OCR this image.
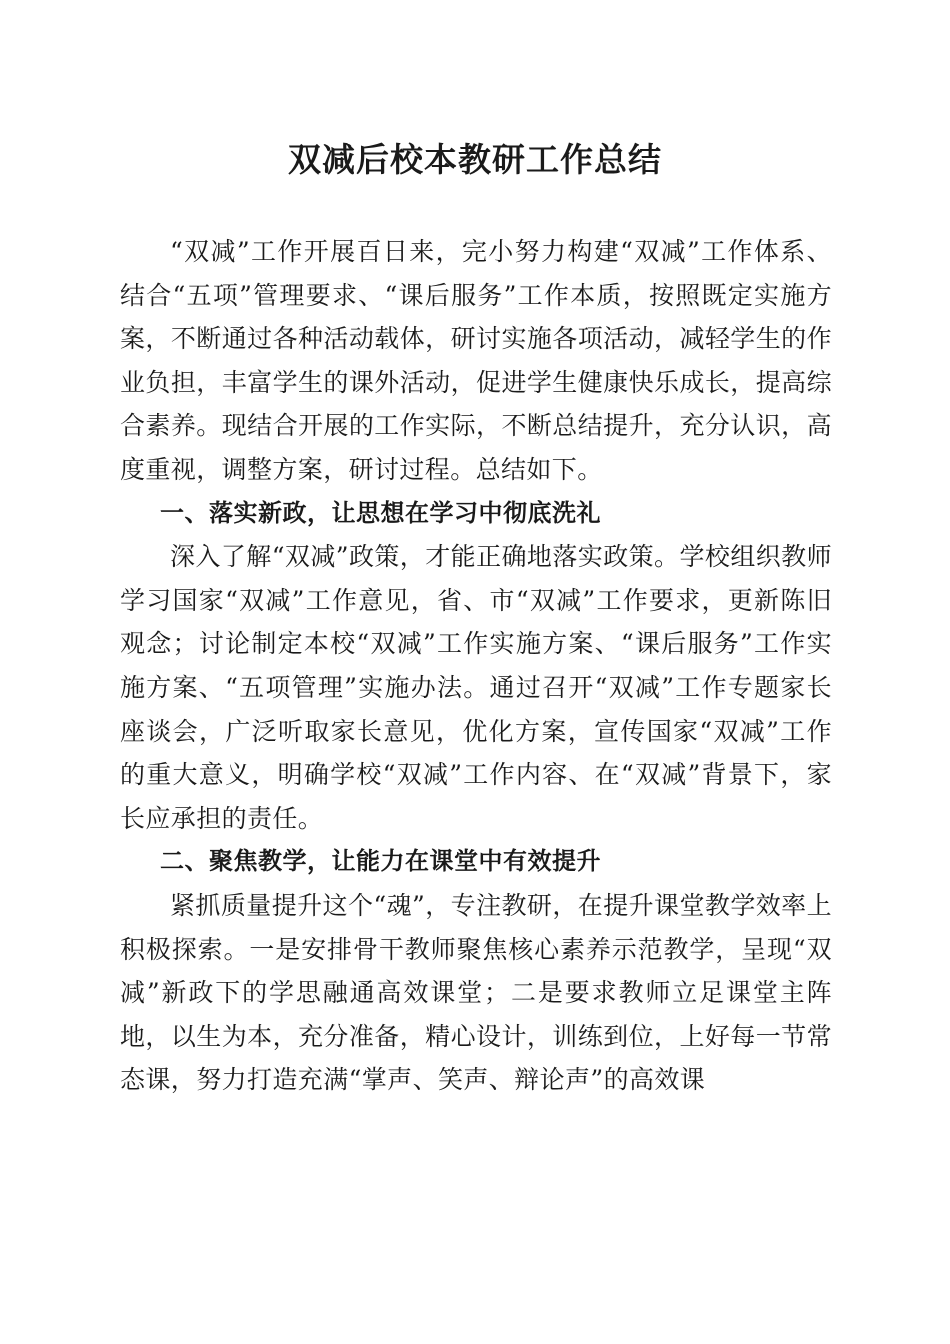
双减后校本教研工作总结

“双减”工作开展百日来，完小努力构建“双减”工作体系、结合“五项”管理要求、“课后服务”工作本质，按照既定实施方案，不断通过各种活动载体，研讨实施各项活动，减轻学生的作业负担，丰富学生的课外活动，促进学生健康快乐成长，提高综合素养。现结合开展的工作实际，不断总结提升，充分认识，高度重视，调整方案，研讨过程。总结如下。

一、落实新政，让思想在学习中彻底洗礼

深入了解“双减”政策，才能正确地落实政策。学校组织教师学习国家“双减”工作意见，省、市“双减”工作要求，更新陈旧观念；讨论制定本校“双减”工作实施方案、“课后服务”工作实施方案、“五项管理”实施办法。通过召开“双减”工作专题家长座谈会，广泛听取家长意见，优化方案，宣传国家“双减”工作的重大意义，明确学校“双减”工作内容、在“双减”背景下，家长应承担的责任。

二、聚焦教学，让能力在课堂中有效提升

紧抓质量提升这个“魂”，专注教研，在提升课堂教学效率上积极探索。一是安排骨干教师聚焦核心素养示范教学，呈现“双减”新政下的学思融通高效课堂；二是要求教师立足课堂主阵地，以生为本，充分准备，精心设计，训练到位，上好每一节常态课，努力打造充满“掌声、笑声、辩论声”的高效课
